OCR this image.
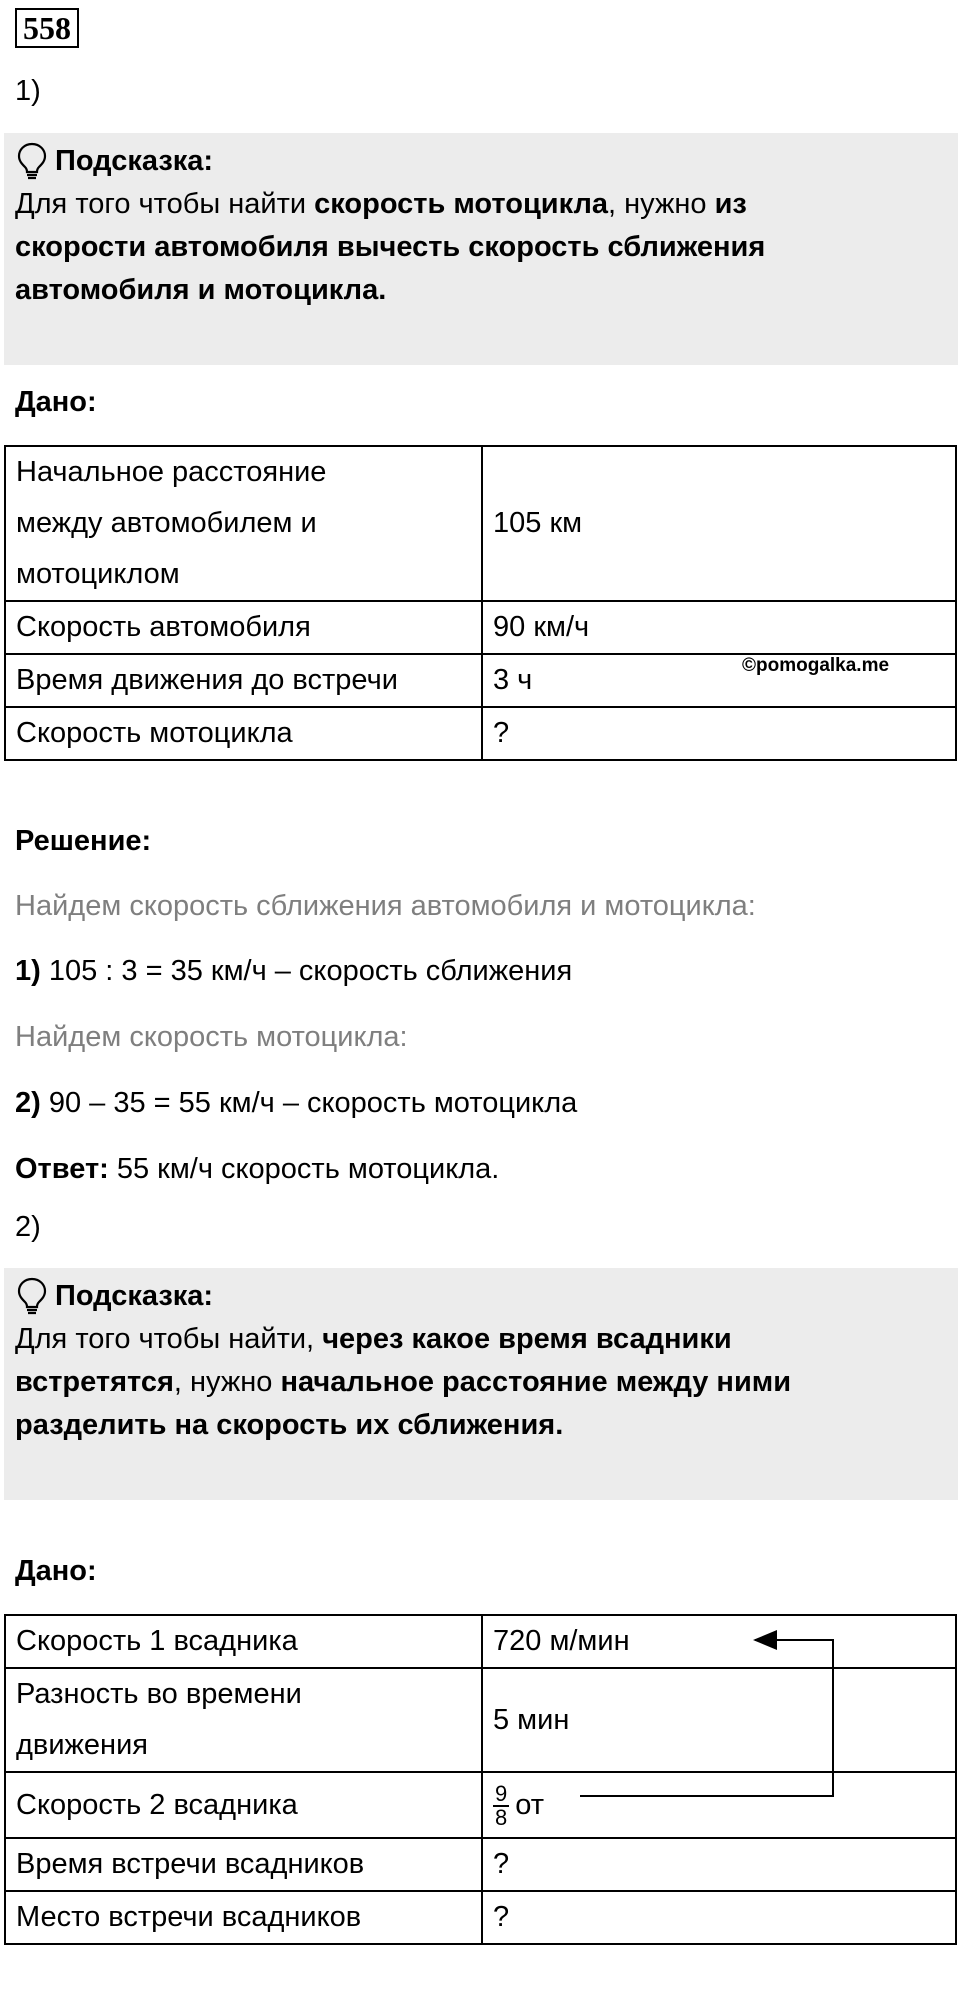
558
1)
Подсказка:
Для того чтобы найти скорость мотоцикла, нужно из
скорости автомобиля вычесть скорость сближения
автомобиля и мотоцикла.
Дано:
Начальное расстояние
между автомобилем и
мотоциклом	105 км
Скорость автомобиля	90 км/ч
Время движения до встречи	3 ч
Скорость мотоцикла	?
©pomogalka.me
Решение:
Найдем скорость сближения автомобиля и мотоцикла:
1) 105 : 3 = 35 км/ч – скорость сближения
Найдем скорость мотоцикла:
2) 90 – 35 = 55 км/ч – скорость мотоцикла
Ответ: 55 км/ч скорость мотоцикла.
2)
Подсказка:
Для того чтобы найти, через какое время всадники
встретятся, нужно начальное расстояние между ними
разделить на скорость их сближения.
Дано:
Скорость 1 всадника	720 м/мин

Разность во времени
движения	5 мин
Скорость 2 всадника	$\frac{9}{8}$ от
Время встречи всадников	?
Место встречи всадников	?
